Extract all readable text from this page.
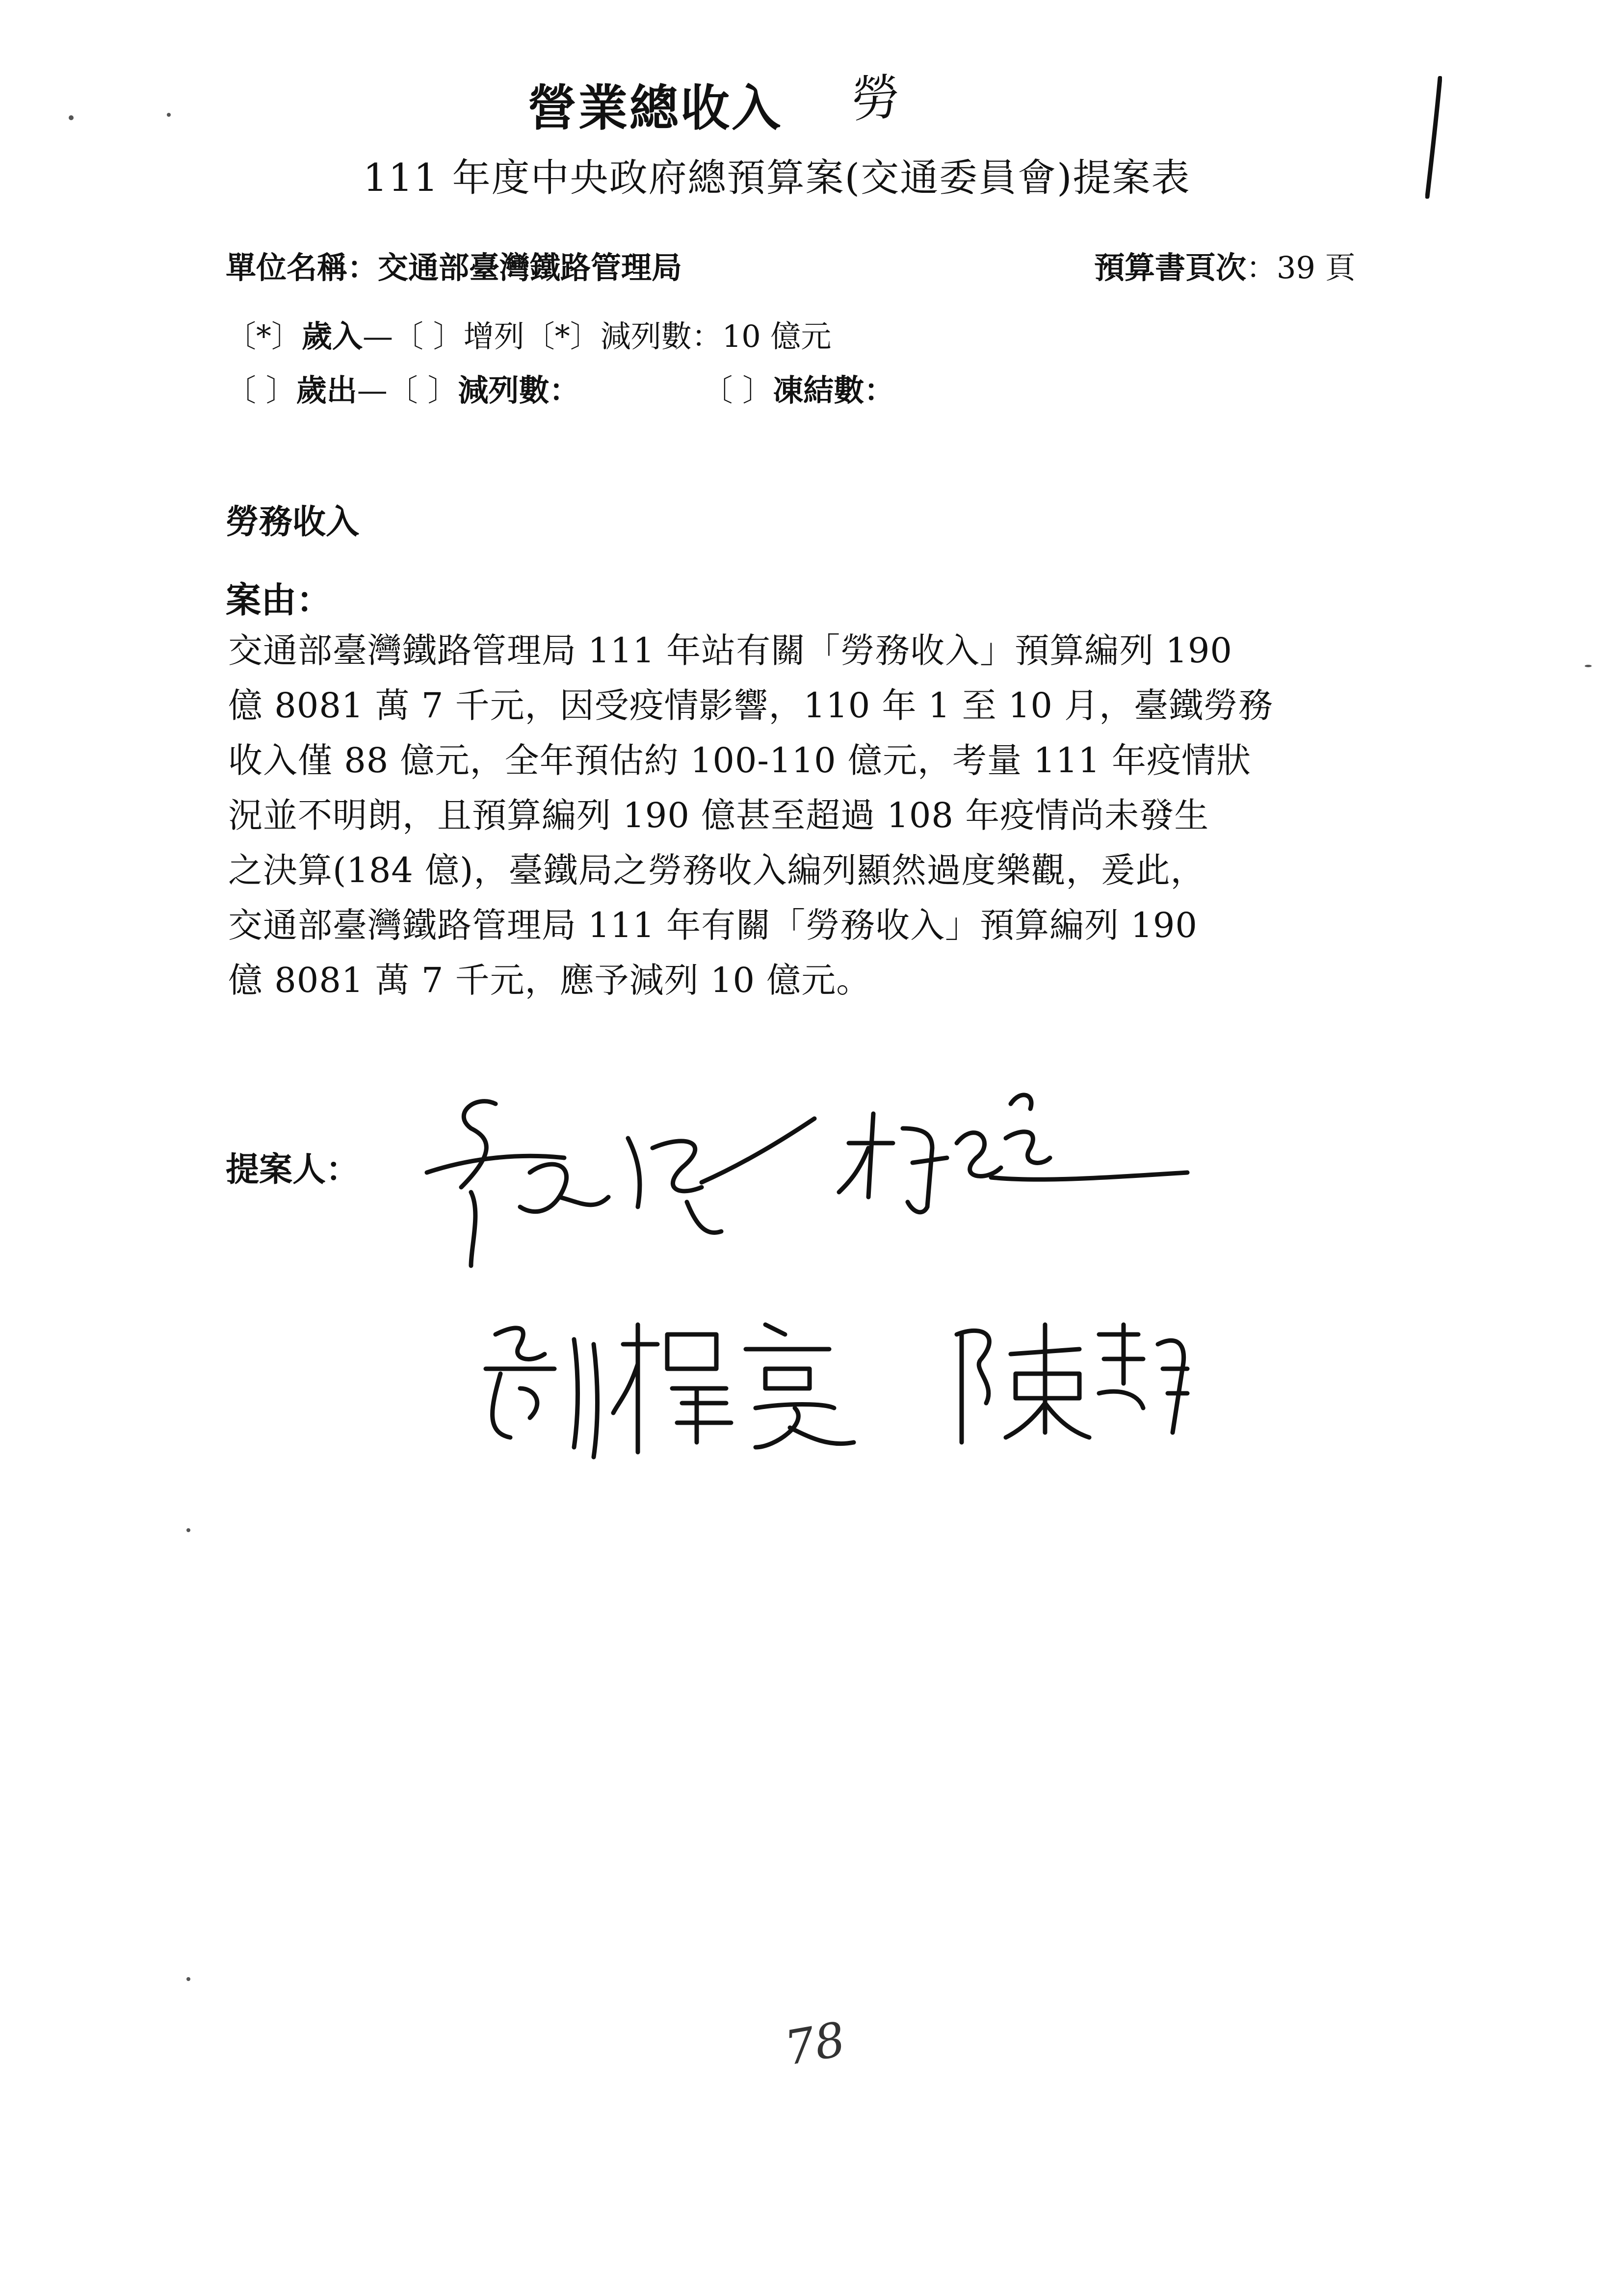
營業總收入 勞
111 年度中央政府總預算案(交通委員會)提案表
單位名稱：交通部臺灣鐵路管理局	預算書頁次：39 頁
〔*〕歲入—〔 〕增列〔*〕減列數：10 億元
〔 〕歲出—〔 〕減列數：	〔 〕凍結數：
勞務收入
案由：
交通部臺灣鐵路管理局 111 年站有關「勞務收入」預算編列 190
億 8081 萬 7 千元，因受疫情影響，110 年 1 至 10 月，臺鐵勞務
收入僅 88 億元，全年預估約 100-110 億元，考量 111 年疫情狀
況並不明朗，且預算編列 190 億甚至超過 108 年疫情尚未發生
之決算(184 億)，臺鐵局之勞務收入編列顯然過度樂觀，爰此，
交通部臺灣鐵路管理局 111 年有關「勞務收入」預算編列 190
億 8081 萬 7 千元，應予減列 10 億元。
提案人：
78
